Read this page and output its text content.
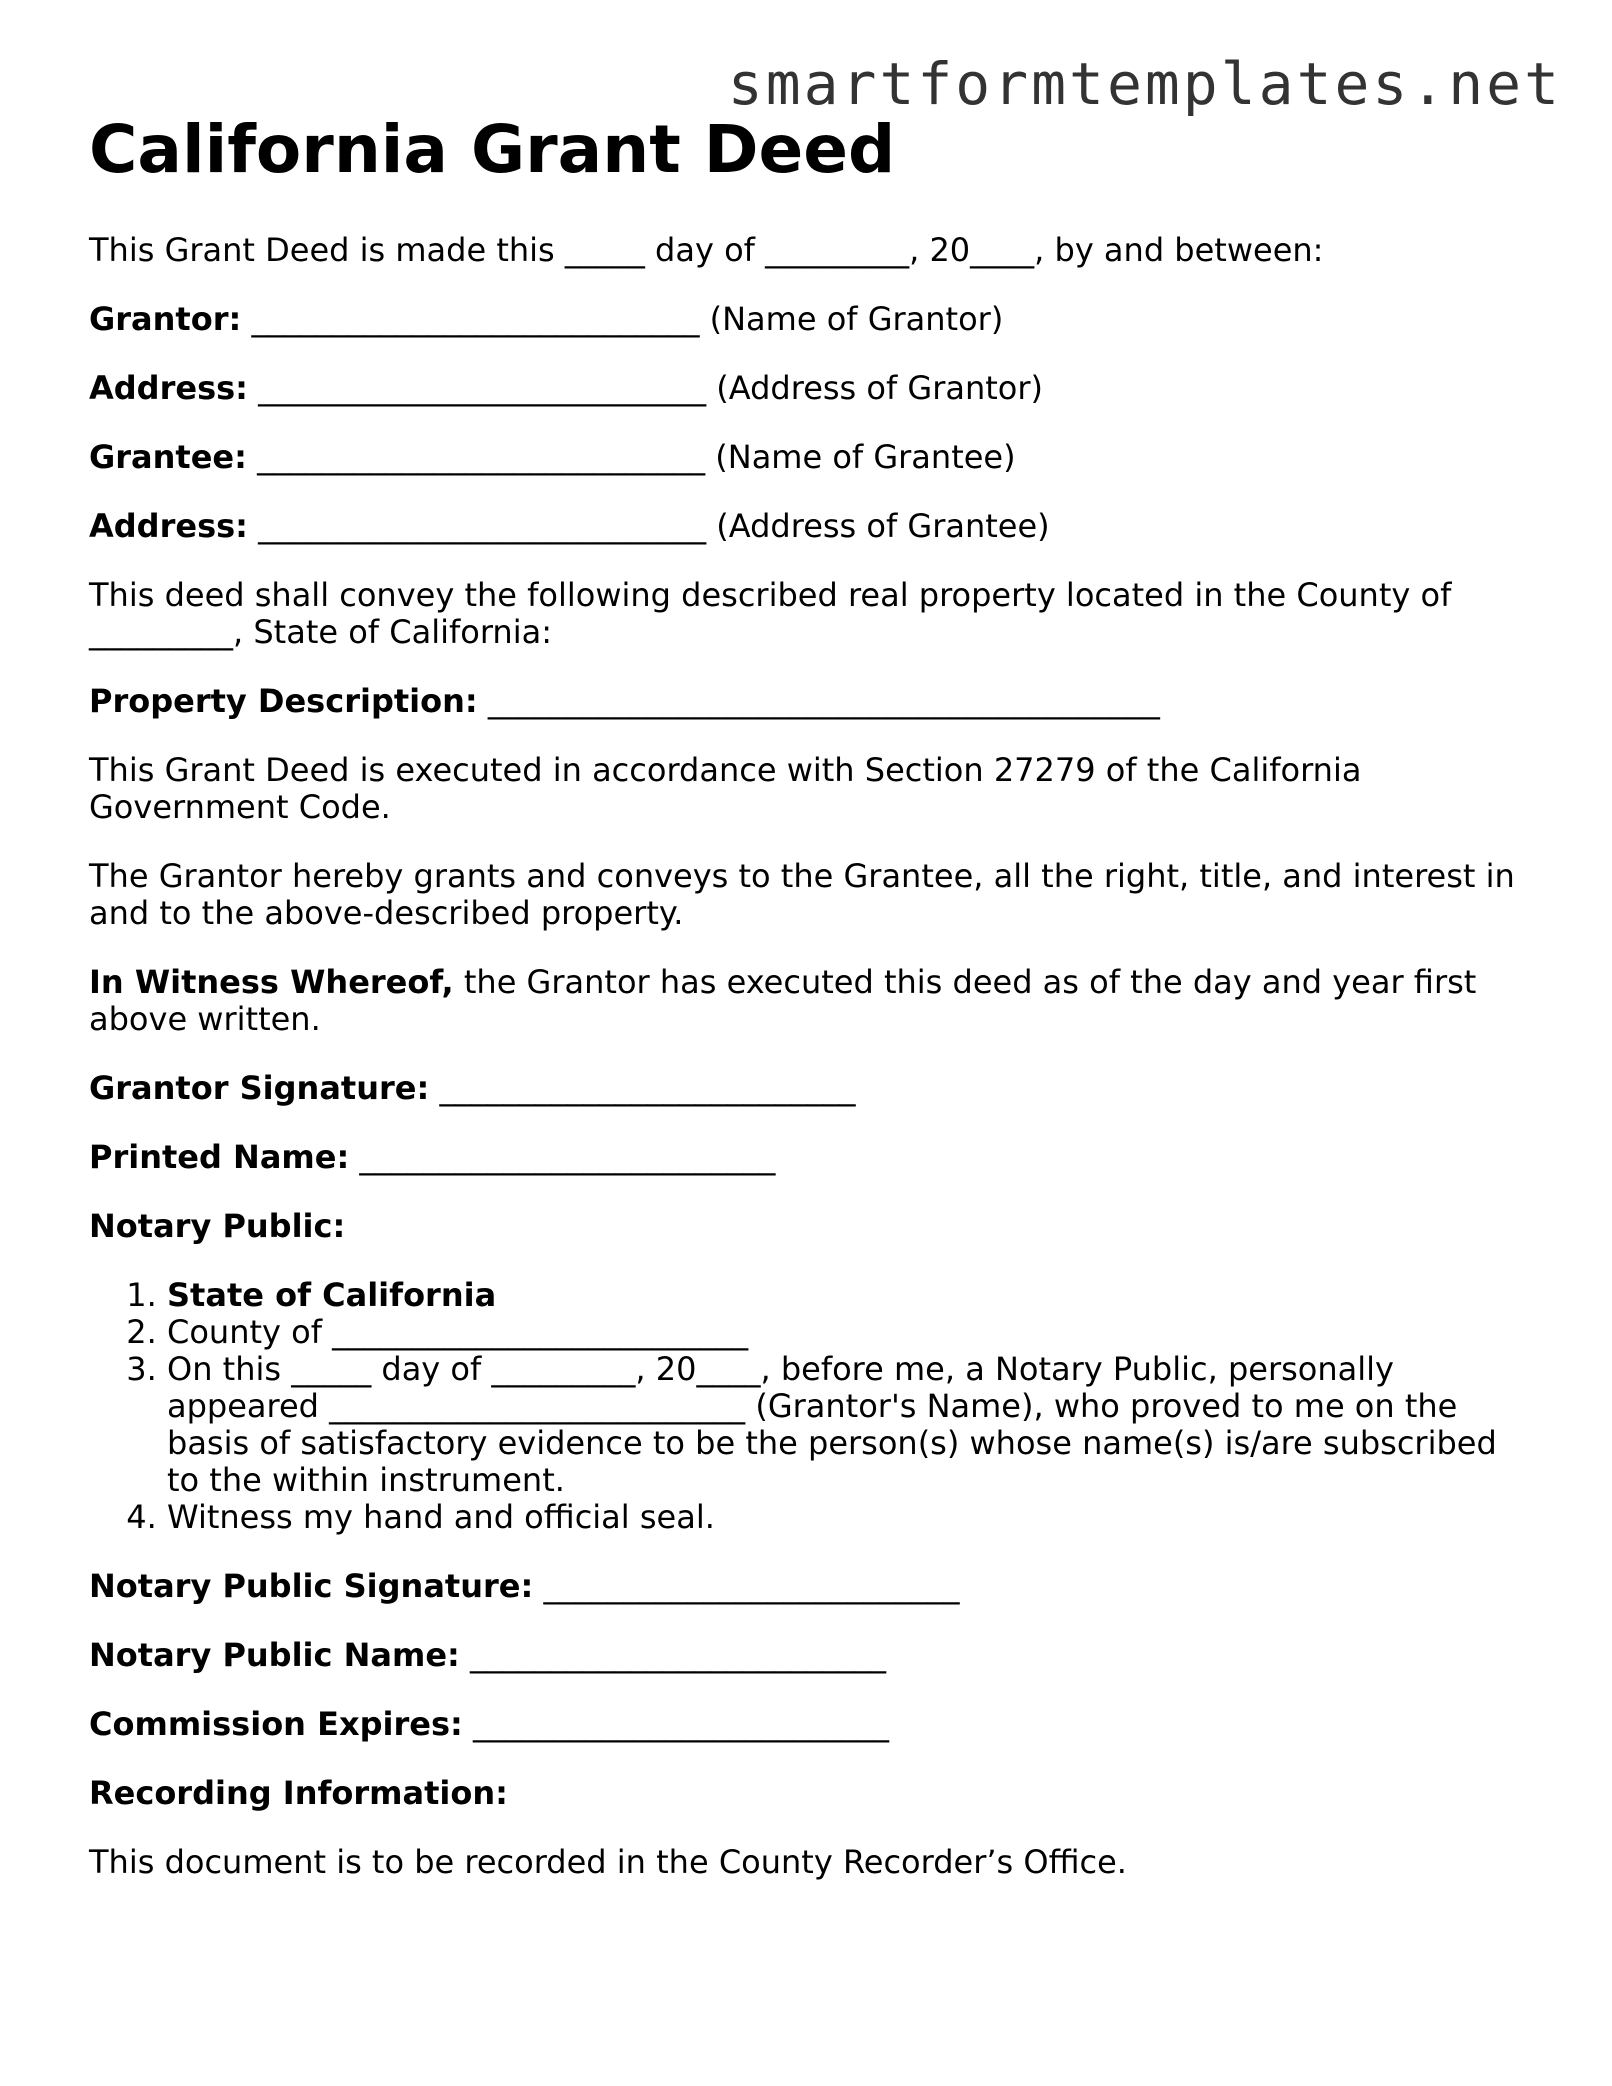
smartformtemplates.net
California Grant Deed

This Grant Deed is made this _____ day of _________, 20____, by and between:

Grantor: ____________________________ (Name of Grantor)

Address: ____________________________ (Address of Grantor)

Grantee: ____________________________ (Name of Grantee)

Address: ____________________________ (Address of Grantee)

This deed shall convey the following described real property located in the County of _________, State of California:

Property Description: __________________________________________

This Grant Deed is executed in accordance with Section 27279 of the California Government Code.

The Grantor hereby grants and conveys to the Grantee, all the right, title, and interest in and to the above-described property.

In Witness Whereof, the Grantor has executed this deed as of the day and year first above written.

Grantor Signature: __________________________

Printed Name: __________________________

Notary Public:

1. State of California
2. County of __________________________
3. On this _____ day of _________, 20____, before me, a Notary Public, personally appeared __________________________ (Grantor's Name), who proved to me on the basis of satisfactory evidence to be the person(s) whose name(s) is/are subscribed to the within instrument.
4. Witness my hand and official seal.

Notary Public Signature: __________________________

Notary Public Name: __________________________

Commission Expires: __________________________

Recording Information:

This document is to be recorded in the County Recorder’s Office.
